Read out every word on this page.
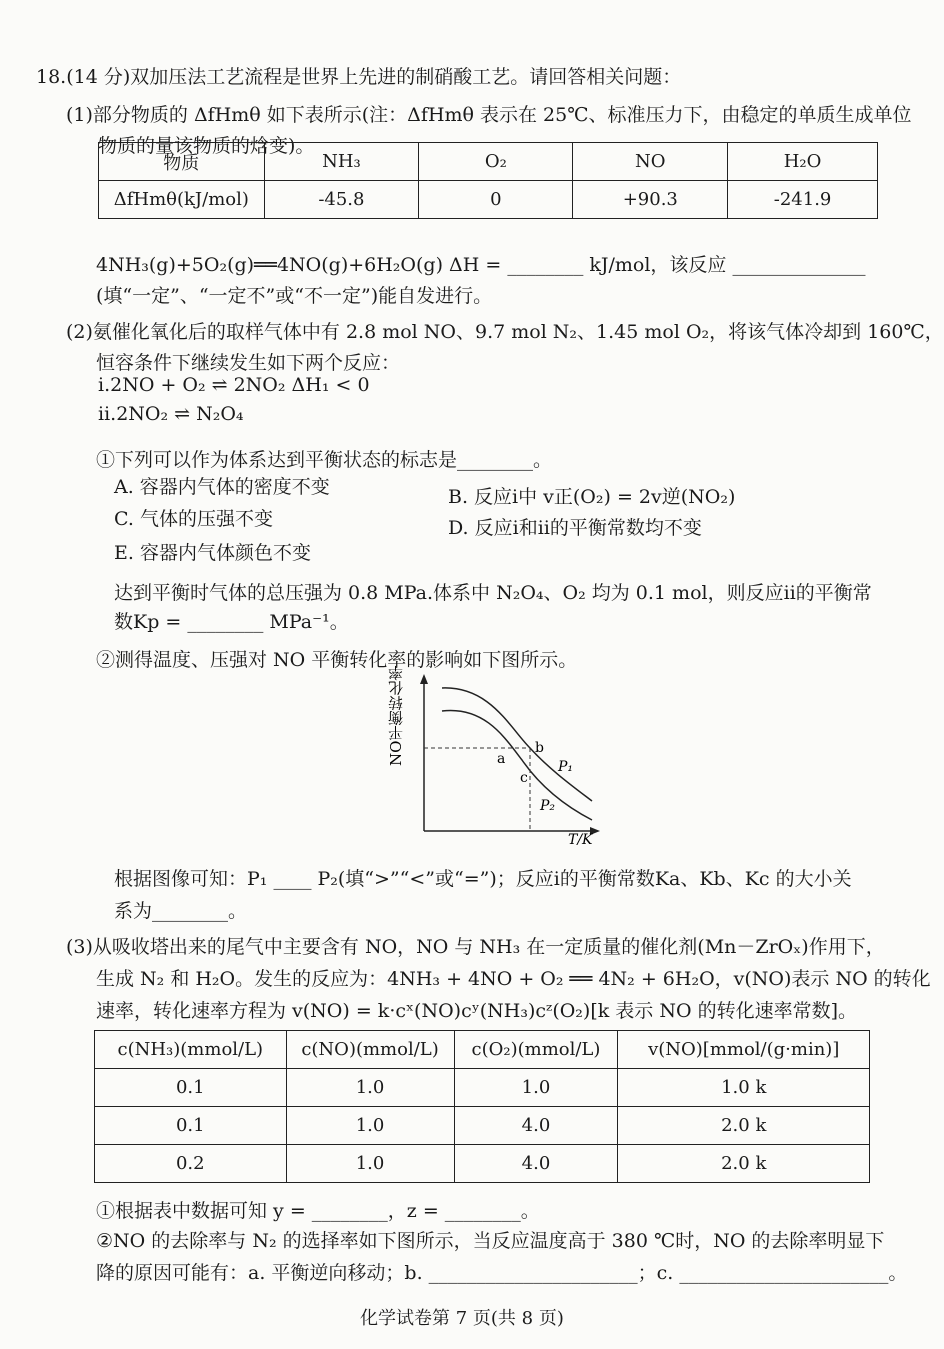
18.(14 分)双加压法工艺流程是世界上先进的制硝酸工艺。请回答相关问题：
(1)部分物质的 ΔfHmθ 如下表所示(注：ΔfHmθ 表示在 25℃、标准压力下，由稳定的单质生成单位
物质的量该物质的焓变)。
物质	NH₃	O₂	NO	H₂O
ΔfHmθ(kJ/mol)	-45.8	0	+90.3	-241.9
4NH₃(g)+5O₂(g)══4NO(g)+6H₂O(g) ΔH = ________ kJ/mol，该反应 ______________
(填“一定”、“一定不”或“不一定”)能自发进行。
(2)氨催化氧化后的取样气体中有 2.8 mol NO、9.7 mol N₂、1.45 mol O₂，将该气体冷却到 160℃，
恒容条件下继续发生如下两个反应：
ⅰ.2NO + O₂ ⇌ 2NO₂ ΔH₁ < 0
ⅱ.2NO₂ ⇌ N₂O₄
①下列可以作为体系达到平衡状态的标志是________。
A. 容器内气体的密度不变	B. 反应ⅰ中 v正(O₂) = 2v逆(NO₂)
C. 气体的压强不变	D. 反应ⅰ和ⅱ的平衡常数均不变
E. 容器内气体颜色不变
达到平衡时气体的总压强为 0.8 MPa.体系中 N₂O₄、O₂ 均为 0.1 mol，则反应ⅱ的平衡常
数Kp = ________ MPa⁻¹。
②测得温度、压强对 NO 平衡转化率的影响如下图所示。
NO平衡转化率
T/K
P₁
P₂
a
b
c
根据图像可知：P₁ ____ P₂(填“>”“<”或“=”)；反应ⅰ的平衡常数Ka、Kb、Kc 的大小关
系为________。
(3)从吸收塔出来的尾气中主要含有 NO，NO 与 NH₃ 在一定质量的催化剂(Mn－ZrOₓ)作用下，
生成 N₂ 和 H₂O。发生的反应为：4NH₃ + 4NO + O₂ ══ 4N₂ + 6H₂O，v(NO)表示 NO 的转化
速率，转化速率方程为 v(NO) = k·cˣ(NO)cʸ(NH₃)cᶻ(O₂)[k 表示 NO 的转化速率常数]。
c(NH₃)(mmol/L)	c(NO)(mmol/L)	c(O₂)(mmol/L)	v(NO)[mmol/(g·min)]
0.1	1.0	1.0	1.0 k
0.1	1.0	4.0	2.0 k
0.2	1.0	4.0	2.0 k
①根据表中数据可知 y = ________，z = ________。
②NO 的去除率与 N₂ 的选择率如下图所示，当反应温度高于 380 ℃时，NO 的去除率明显下
降的原因可能有：a. 平衡逆向移动；b. ______________________；c. ______________________。
化学试卷第 7 页(共 8 页)
